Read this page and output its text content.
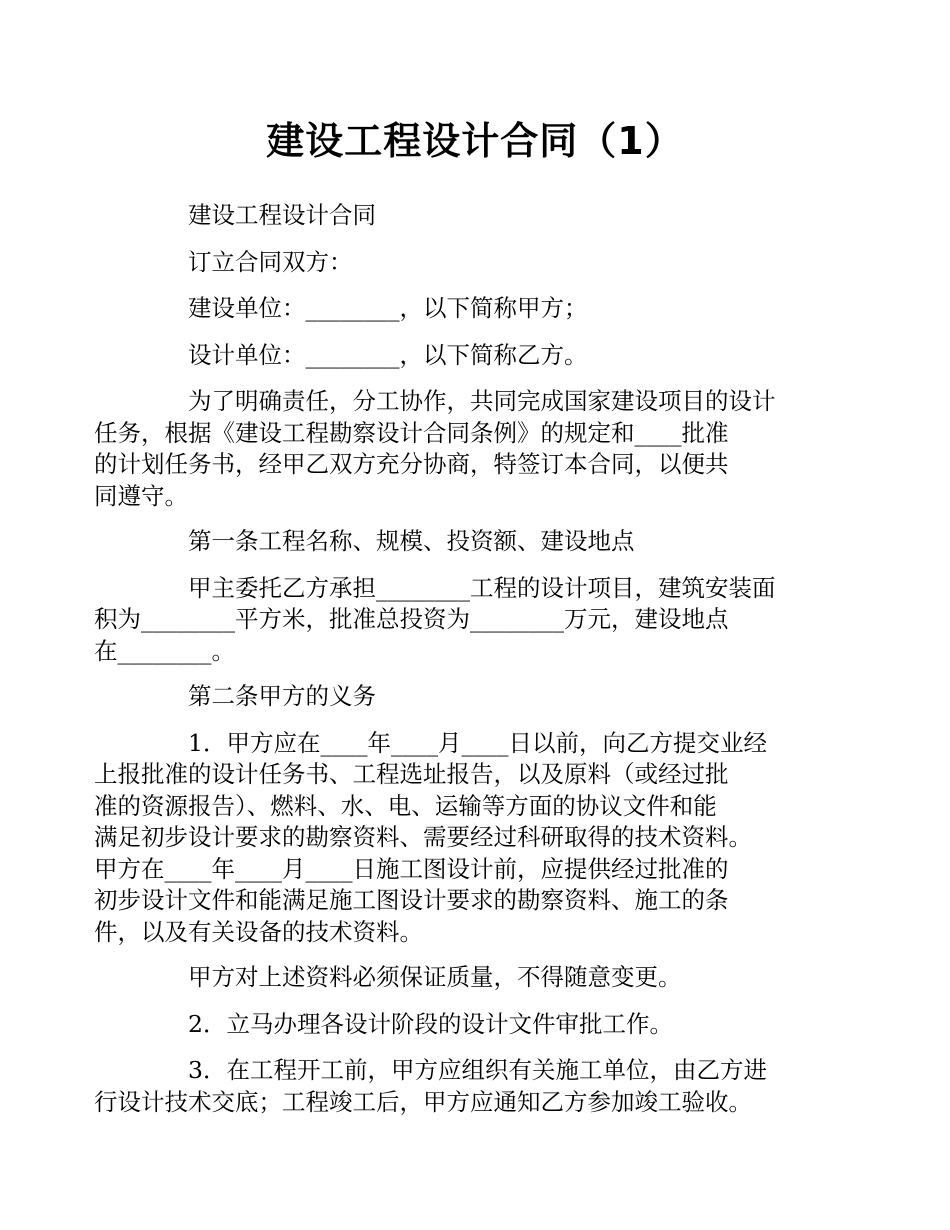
建设工程设计合同（1）

建设工程设计合同

订立合同双方：

建设单位：________，以下简称甲方；

设计单位：________，以下简称乙方。

为了明确责任，分工协作，共同完成国家建设项目的设计
任务，根据《建设工程勘察设计合同条例》的规定和____批准
的计划任务书，经甲乙双方充分协商，特签订本合同，以便共
同遵守。

第一条工程名称、规模、投资额、建设地点

甲主委托乙方承担________工程的设计项目，建筑安装面
积为________平方米，批准总投资为________万元，建设地点
在________。

第二条甲方的义务

1．甲方应在____年____月____日以前，向乙方提交业经
上报批准的设计任务书、工程选址报告，以及原料（或经过批
准的资源报告）、燃料、水、电、运输等方面的协议文件和能
满足初步设计要求的勘察资料、需要经过科研取得的技术资料。
甲方在____年____月____日施工图设计前，应提供经过批准的
初步设计文件和能满足施工图设计要求的勘察资料、施工的条
件，以及有关设备的技术资料。

甲方对上述资料必须保证质量，不得随意变更。

2．立马办理各设计阶段的设计文件审批工作。

3．在工程开工前，甲方应组织有关施工单位，由乙方进
行设计技术交底；工程竣工后，甲方应通知乙方参加竣工验收。
